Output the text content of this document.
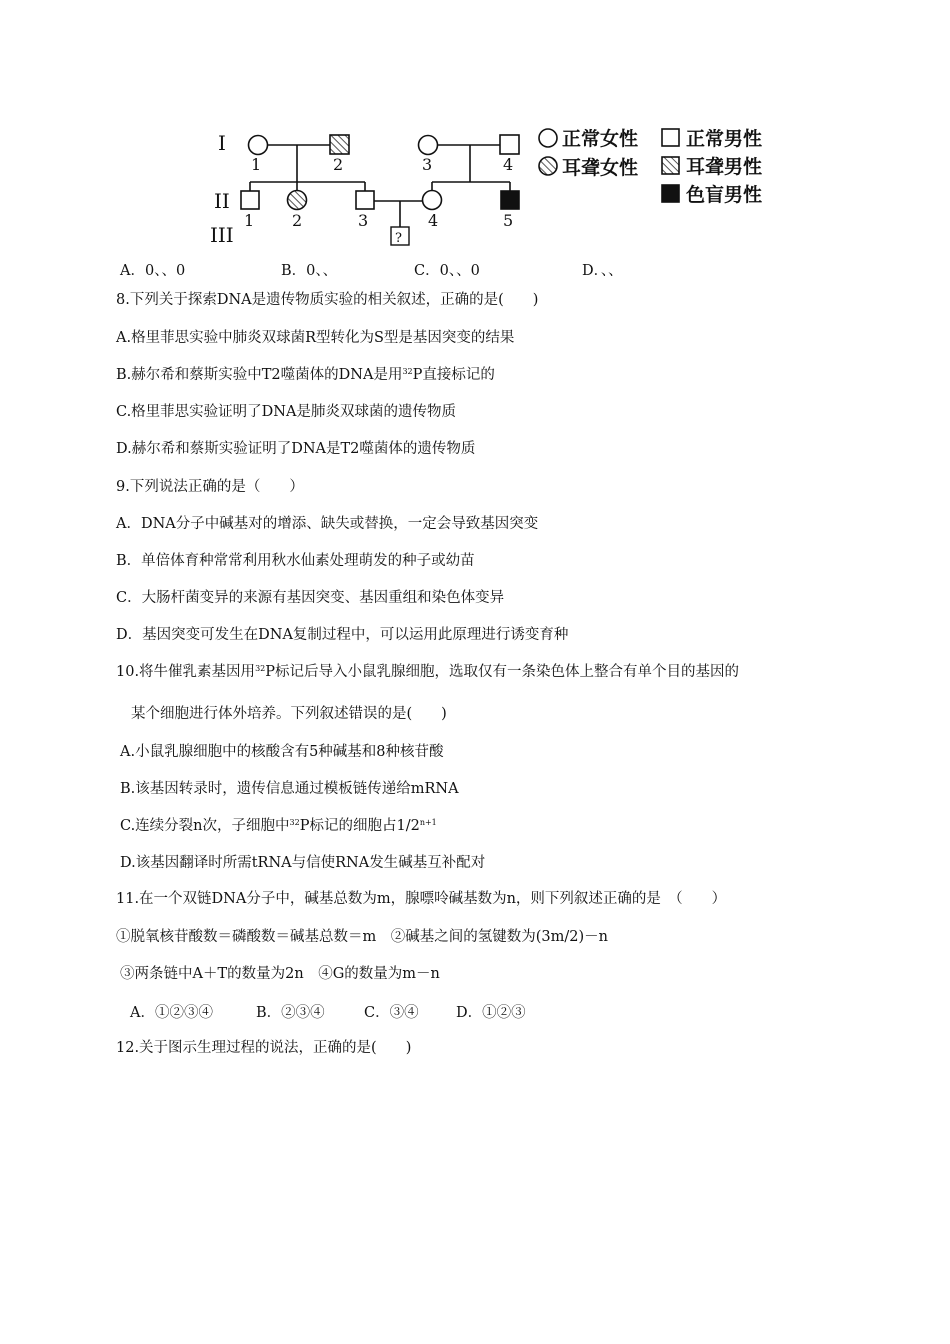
I
II
III	?
1	2	3	4
1 2	3	4	5
正常女性	正常男性
耳聋女性	耳聋男性
色盲男性
A．0、、0	B．0、、	C．0、、0	D．、、
8.下列关于探索DNA是遗传物质实验的相关叙述，正确的是(　　)
A.格里菲思实验中肺炎双球菌R型转化为S型是基因突变的结果
B.赫尔希和蔡斯实验中T2噬菌体的DNA是用$^{32}$P直接标记的
C.格里菲思实验证明了DNA是肺炎双球菌的遗传物质
D.赫尔希和蔡斯实验证明了DNA是T2噬菌体的遗传物质
9.下列说法正确的是（　　）
A．DNA分子中碱基对的增添、缺失或替换，一定会导致基因突变
B．单倍体育种常常利用秋水仙素处理萌发的种子或幼苗
C．大肠杆菌变异的来源有基因突变、基因重组和染色体变异
D．基因突变可发生在DNA复制过程中，可以运用此原理进行诱变育种
10.将牛催乳素基因用$^{32}$P标记后导入小鼠乳腺细胞，选取仅有一条染色体上整合有单个目的基因的
某个细胞进行体外培养。下列叙述错误的是(　　)
A.小鼠乳腺细胞中的核酸含有5种碱基和8种核苷酸
B.该基因转录时，遗传信息通过模板链传递给mRNA
C.连续分裂n次，子细胞中$^{32}$P标记的细胞占$1/2^{n+1}$
D.该基因翻译时所需tRNA与信使RNA发生碱基互补配对
11.在一个双链DNA分子中，碱基总数为m，腺嘌呤碱基数为n，则下列叙述正确的是　（　　）
①脱氧核苷酸数＝磷酸数＝碱基总数＝m　②碱基之间的氢键数为(3m/2)－n
③两条链中A＋T的数量为2n　④G的数量为m－n
A．①②③④	B．②③④	C．③④	D．①②③
12.关于图示生理过程的说法，正确的是(　　)
